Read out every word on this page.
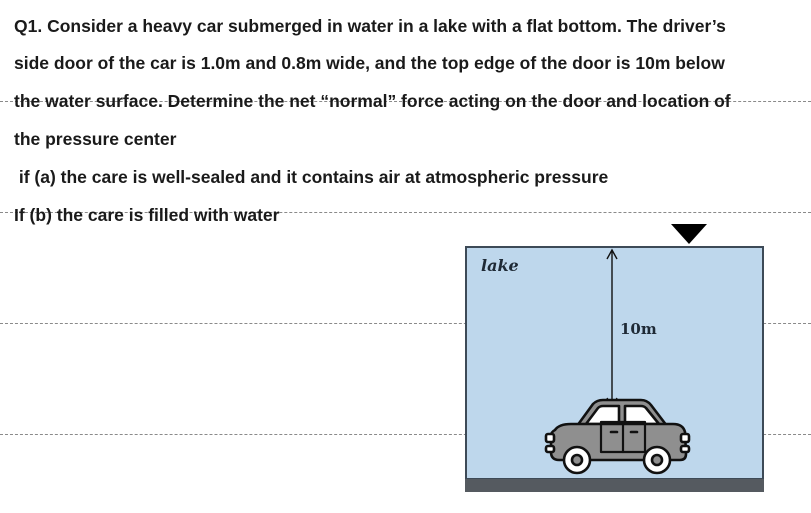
Q1. Consider a heavy car submerged in water in a lake with a flat bottom. The driver’s
side door of the car is 1.0m and 0.8m wide, and the top edge of the door is 10m below
the water surface. Determine the net “normal” force acting on the door and location of
the pressure center
if (a) the care is well-sealed and it contains air at atmospheric pressure
If (b) the care is filled with water
lake
10m
